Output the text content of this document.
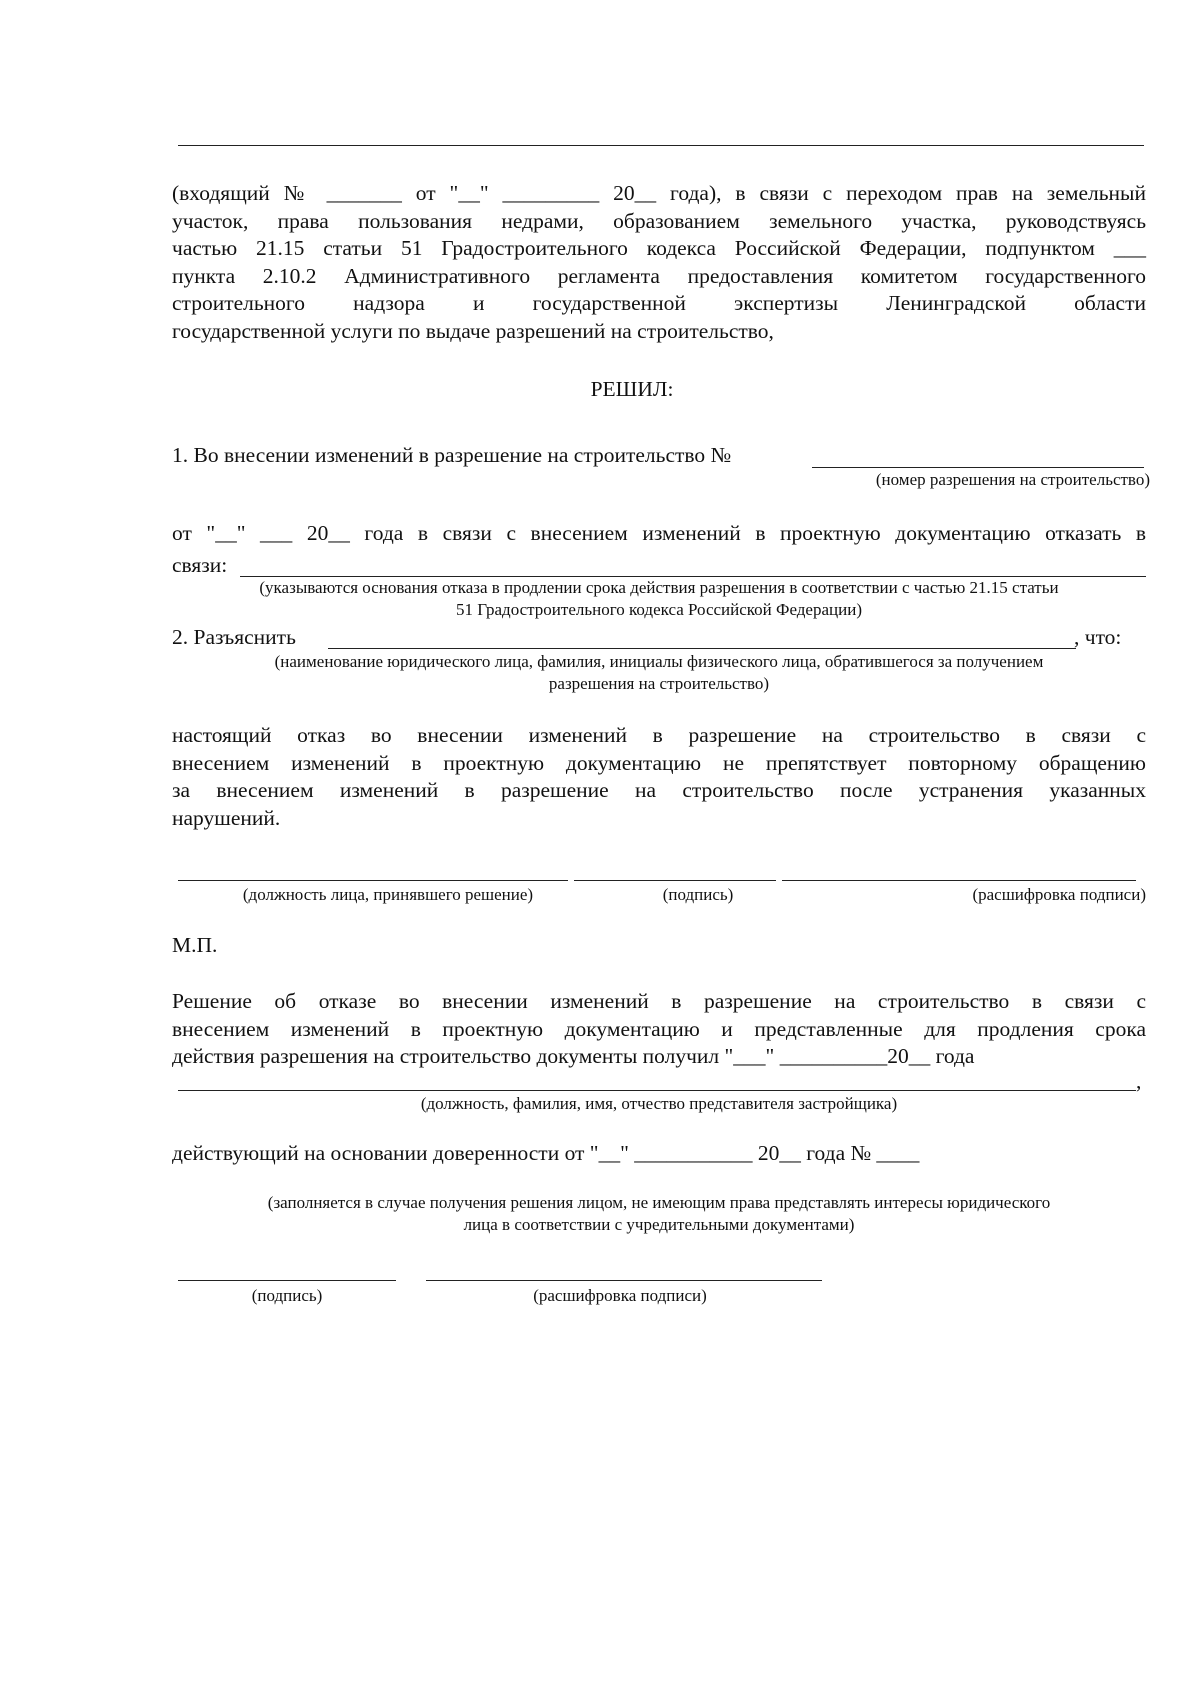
(входящий № _______ от "__" _________ 20__ года), в связи с переходом прав на земельный
участок, права пользования недрами, образованием земельного участка, руководствуясь
частью 21.15 статьи 51 Градостроительного кодекса Российской Федерации, подпунктом ___
пункта 2.10.2 Административного регламента предоставления комитетом государственного
строительного надзора и государственной экспертизы Ленинградской области
государственной услуги по выдаче разрешений на строительство,
РЕШИЛ:
1. Во внесении изменений в разрешение на строительство №
(номер разрешения на строительство)
от "__" ___ 20__ года в связи с внесением изменений в проектную документацию отказать в
связи:
(указываются основания отказа в продлении срока действия разрешения в соответствии с частью 21.15 статьи
51 Градостроительного кодекса Российской Федерации)
2. Разъяснить	, что:
(наименование юридического лица, фамилия, инициалы физического лица, обратившегося за получением
разрешения на строительство)
настоящий отказ во внесении изменений в разрешение на строительство в связи с
внесением изменений в проектную документацию не препятствует повторному обращению
за внесением изменений в разрешение на строительство после устранения указанных
нарушений.
(должность лица, принявшего решение)	(подпись)	(расшифровка подписи)
М.П.
Решение об отказе во внесении изменений в разрешение на строительство в связи с
внесением изменений в проектную документацию и представленные для продления срока
действия разрешения на строительство документы получил "___" __________20__ года
,
(должность, фамилия, имя, отчество представителя застройщика)
действующий на основании доверенности от "__" ___________ 20__ года № ____
(заполняется в случае получения решения лицом, не имеющим права представлять интересы юридического
лица в соответствии с учредительными документами)
(подпись)	(расшифровка подписи)
